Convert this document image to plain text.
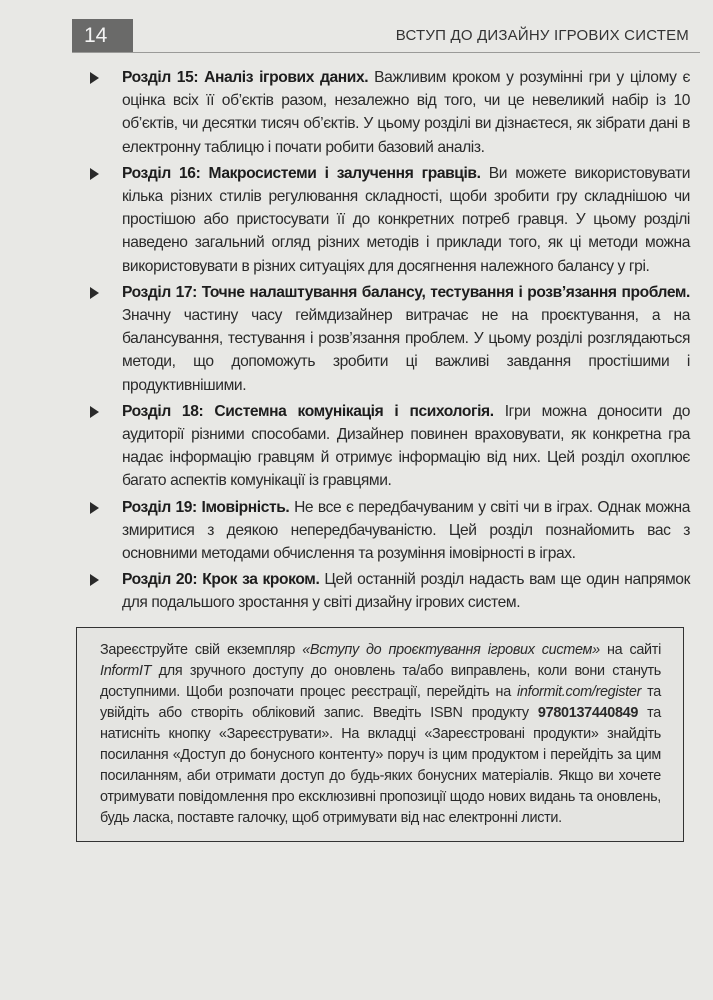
14	ВСТУП ДО ДИЗАЙНУ ІГРОВИХ СИСТЕМ
Розділ 15: Аналіз ігрових даних. Важливим кроком у розумінні гри у цілому є оцінка всіх її об’єктів разом, незалежно від того, чи це невеликий набір із 10 об’єктів, чи десятки тисяч об’єктів. У цьому розділі ви дізнаєтеся, як зібрати дані в електронну таблицю і почати робити базовий аналіз.
Розділ 16: Макросистеми і залучення гравців. Ви можете використовувати кілька різних стилів регулювання складності, щоби зробити гру складнішою чи простішою або пристосувати її до конкретних потреб гравця. У цьому розділі наведено загальний огляд різних методів і приклади того, як ці методи можна використовувати в різних ситуаціях для досягнення належного балансу у грі.
Розділ 17: Точне налаштування балансу, тестування і розв’язання проблем. Значну частину часу геймдизайнер витрачає не на проєктування, а на балансування, тестування і розв’язання проблем. У цьому розділі розглядаються методи, що допоможуть зробити ці важливі завдання простішими і продуктивнішими.
Розділ 18: Системна комунікація і психологія. Ігри можна доносити до аудиторії різними способами. Дизайнер повинен враховувати, як конкретна гра надає інформацію гравцям й отримує інформацію від них. Цей розділ охоплює багато аспектів комунікації із гравцями.
Розділ 19: Імовірність. Не все є передбачуваним у світі чи в іграх. Однак можна змиритися з деякою непередбачуваністю. Цей розділ познайомить вас з основними методами обчислення та розуміння імовірності в іграх.
Розділ 20: Крок за кроком. Цей останній розділ надасть вам ще один напрямок для подальшого зростання у світі дизайну ігрових систем.

Зареєструйте свій екземпляр «Вступу до проєктування ігрових систем» на сайті InformIT для зручного доступу до оновлень та/або виправлень, коли вони стануть доступними. Щоби розпочати процес реєстрації, перейдіть на informit.com/register та увійдіть або створіть обліковий запис. Введіть ISBN продукту 9780137440849 та натисніть кнопку «Зареєструвати». На вкладці «Зареєстровані продукти» знайдіть посилання «Доступ до бонусного контенту» поруч із цим продуктом і перейдіть за цим посиланням, аби отримати доступ до будь-яких бонусних матеріалів. Якщо ви хочете отримувати повідомлення про ексклюзивні пропозиції щодо нових видань та оновлень, будь ласка, поставте галочку, щоб отримувати від нас електронні листи.
